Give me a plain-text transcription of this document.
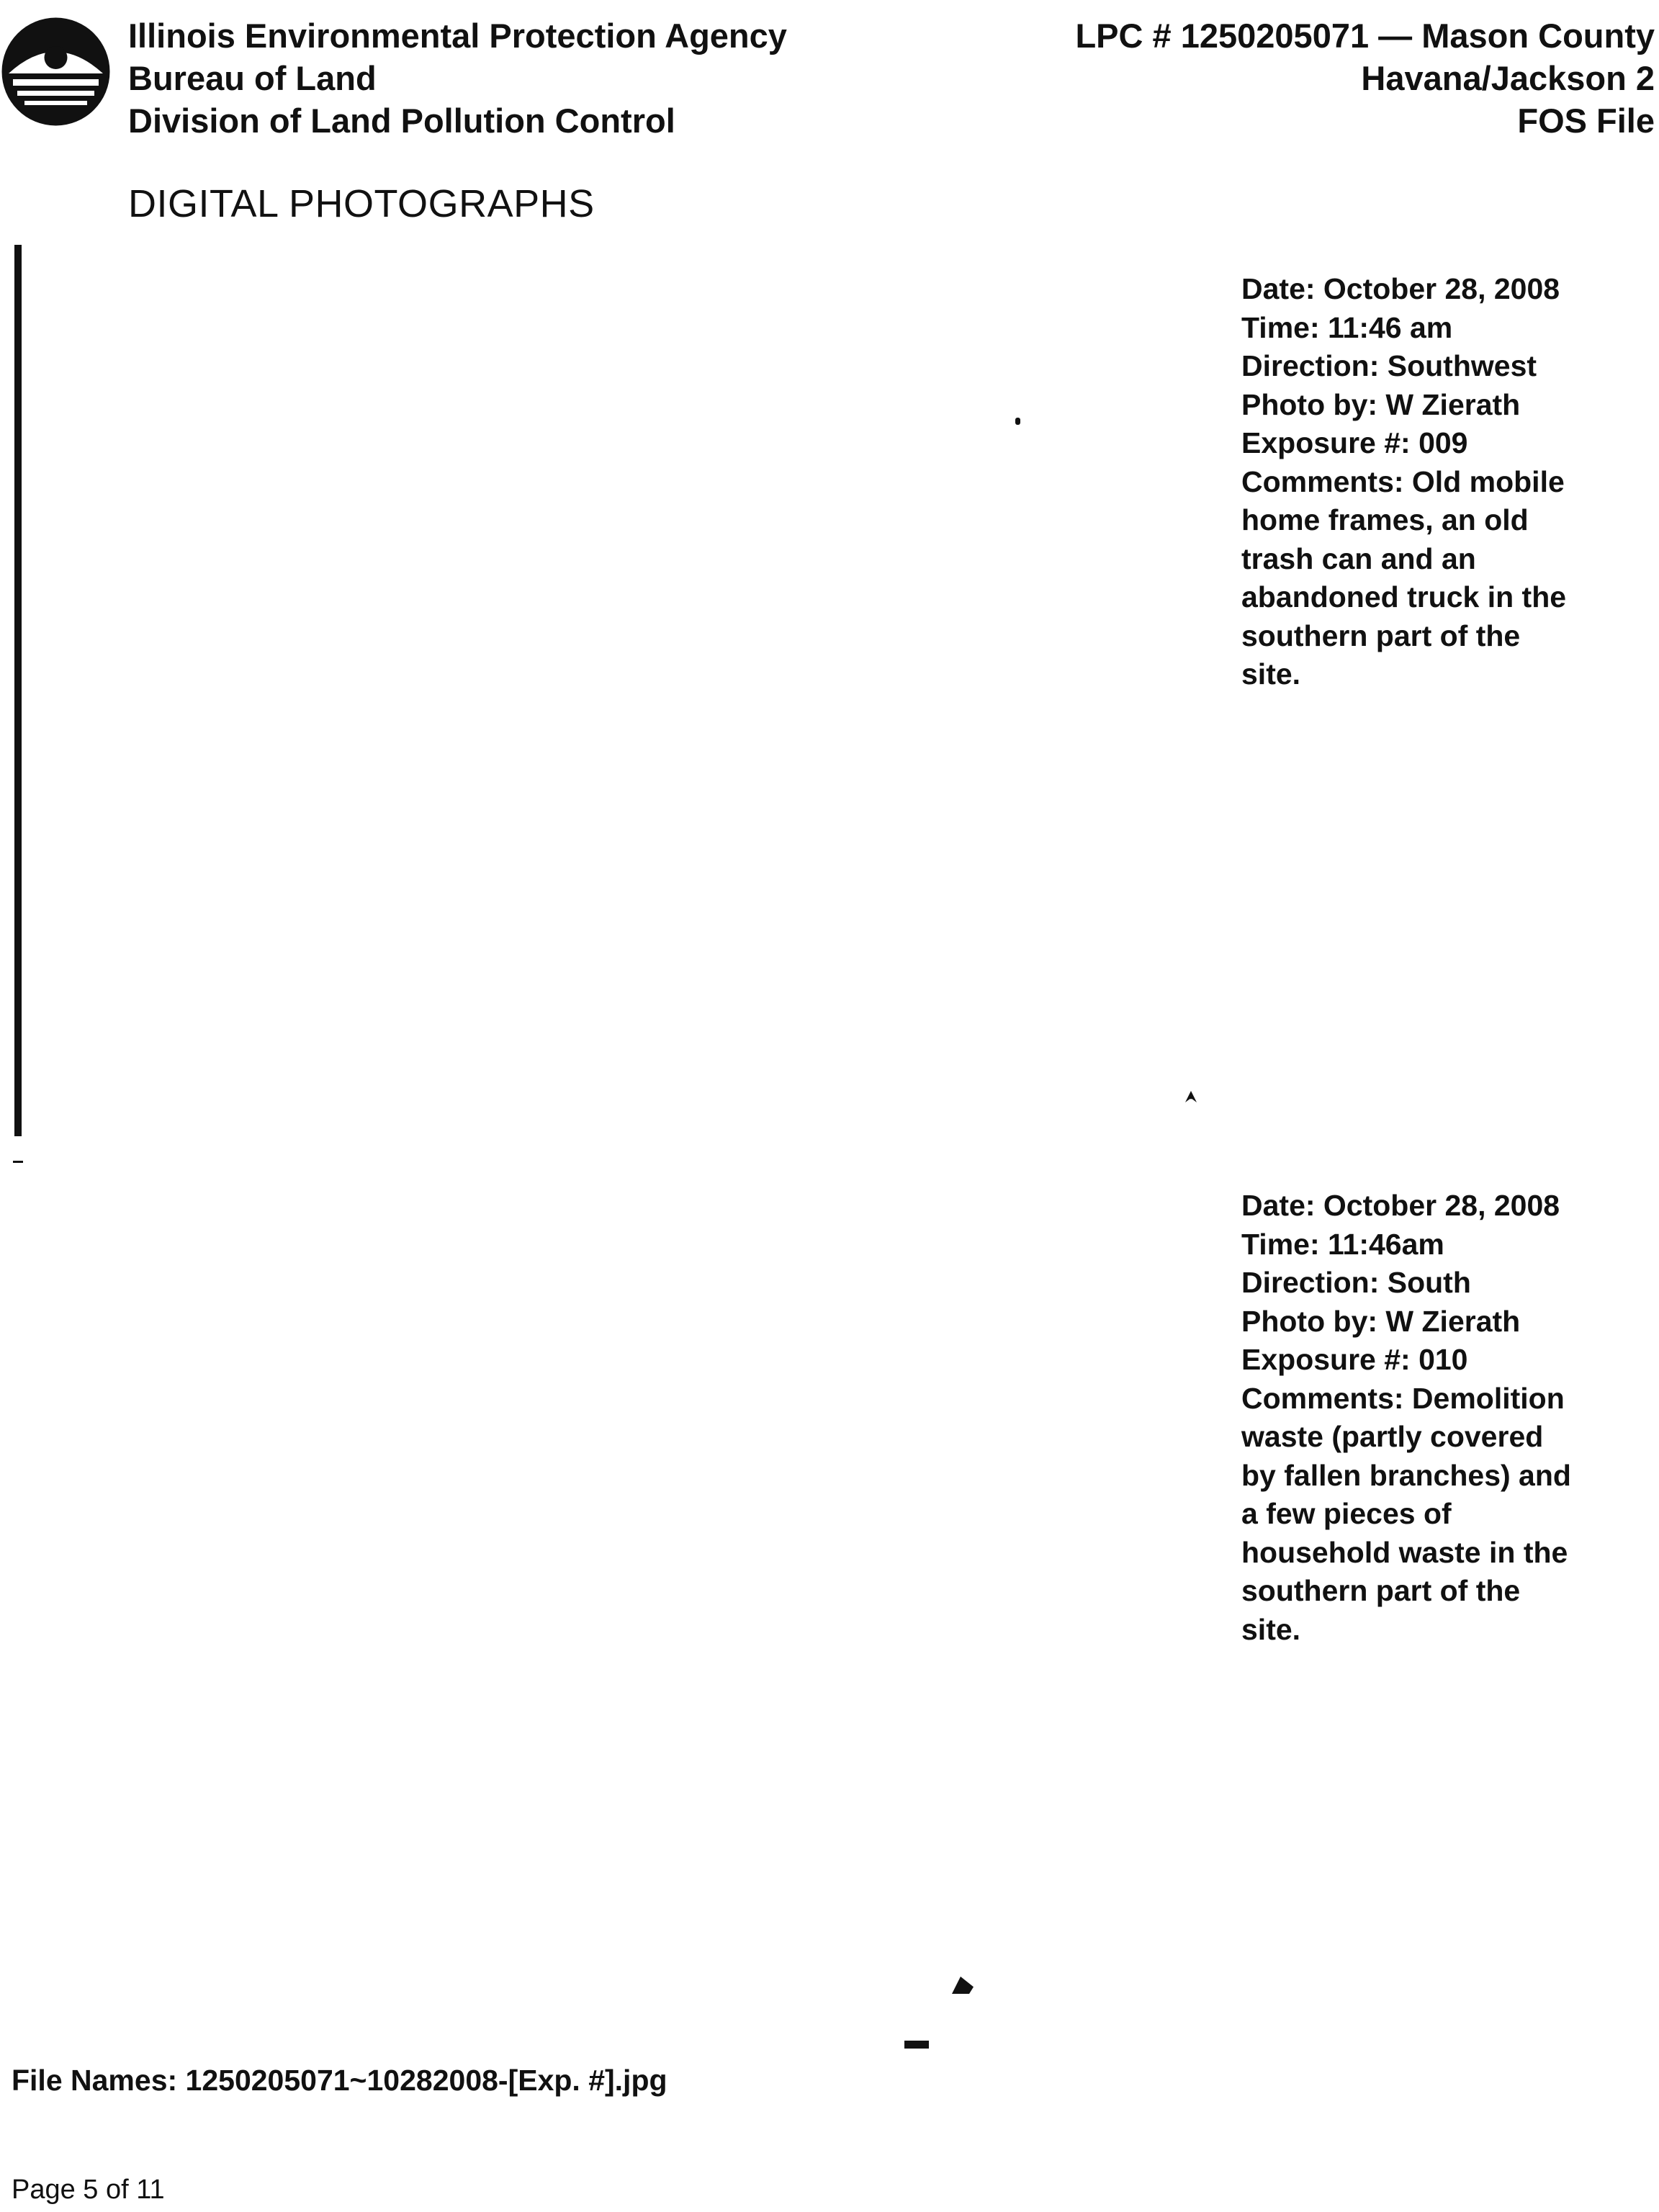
Illinois Environmental Protection Agency
Bureau of Land
Division of Land Pollution Control
LPC # 1250205071 — Mason County
Havana/Jackson 2
FOS File
DIGITAL PHOTOGRAPHS
Date: October 28, 2008
Time: 11:46 am
Direction: Southwest
Photo by: W Zierath
Exposure #: 009
Comments: Old mobile
home frames, an old
trash can and an
abandoned truck in the
southern part of the
site.
Date: October 28, 2008
Time: 11:46am
Direction: South
Photo by: W Zierath
Exposure #: 010
Comments: Demolition
waste (partly covered
by fallen branches) and
a few pieces of
household waste in the
southern part of the
site.
File Names: 1250205071~10282008-[Exp. #].jpg
Page 5 of 11
